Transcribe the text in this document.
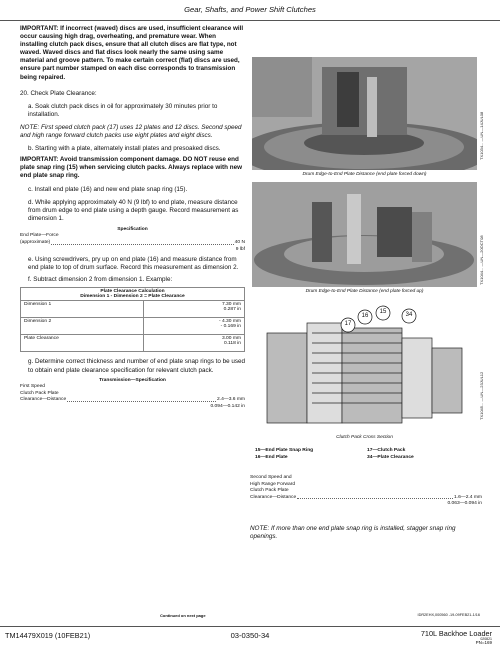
Gear, Shafts, and Power Shift Clutches

IMPORTANT: If incorrect (waved) discs are used, insufficient clearance will occur causing high drag, overheating, and premature wear. When installing clutch pack discs, ensure that all clutch discs are flat type, not waved. Waved discs and flat discs look nearly the same using same material and groove pattern. To make certain correct (flat) discs are used, ensure part number stamped on each disc corresponds to transmission being repaired.

20. Check Plate Clearance:

a. Soak clutch pack discs in oil for approximately 30 minutes prior to installation.

NOTE: First speed clutch pack (17) uses 12 plates and 12 discs. Second speed and high range forward clutch packs use eight plates and eight discs.

b. Starting with a plate, alternately install plates and presoaked discs.

IMPORTANT: Avoid transmission component damage. DO NOT reuse end plate snap ring (15) when servicing clutch packs. Always replace with new end plate snap ring.

c. Install end plate (16) and new end plate snap ring (15).

d. While applying approximately 40 N (9 lbf) to end plate, measure distance from drum edge to end plate using a depth gauge. Record measurement as dimension 1.

Specification
End Plate—Force
(approximate)	40 N
9 lbf

e. Using screwdrivers, pry up on end plate (16) and measure distance from end plate to top of drum surface. Record this measurement as dimension 2.

f. Subtract dimension 2 from dimension 1. Example:

Plate Clearance Calculation
Dimension 1 - Dimension 2 = Plate Clearance	

Dimension 1	7.30 mm
0.287 in

Dimension 2	- 4.30 mm
- 0.169 in

Plate Clearance	3.00 mm
0.118 in

g. Determine correct thickness and number of end plate snap rings to be used to obtain end plate clearance specification for relevant clutch pack.

Transmission—Specification
First Speed
Clutch Pack Plate
Clearance—Distance	2.4—3.6 mm
0.094—0.142 in
Continued on next page
TX1034... —UN—14JUL08
Drum Edge-to-End Plate Distance (end plate forced down)
TX1044... —UN—20OCT08
Drum Edge-to-End Plate Distance (end plate forced up)
16
15
17
34
TX1045... —UN—23JUL12
Clutch Pack Cross Section
15—End Plate Snap Ring	17—Clutch Pack
16—End Plate	34—Plate Clearance
Second Speed and
High Range Forward
Clutch Pack Plate
Clearance—Distance	1.6—2.4 mm
0.063—0.094 in

NOTE: If more than one end plate snap ring is installed, stagger snap ring openings.

IDR2EHX,000560 -19-09FEB21-1/16
TM14479X019 (10FEB21)	03-0350-34	710L Backhoe Loader
020821
PN=169
